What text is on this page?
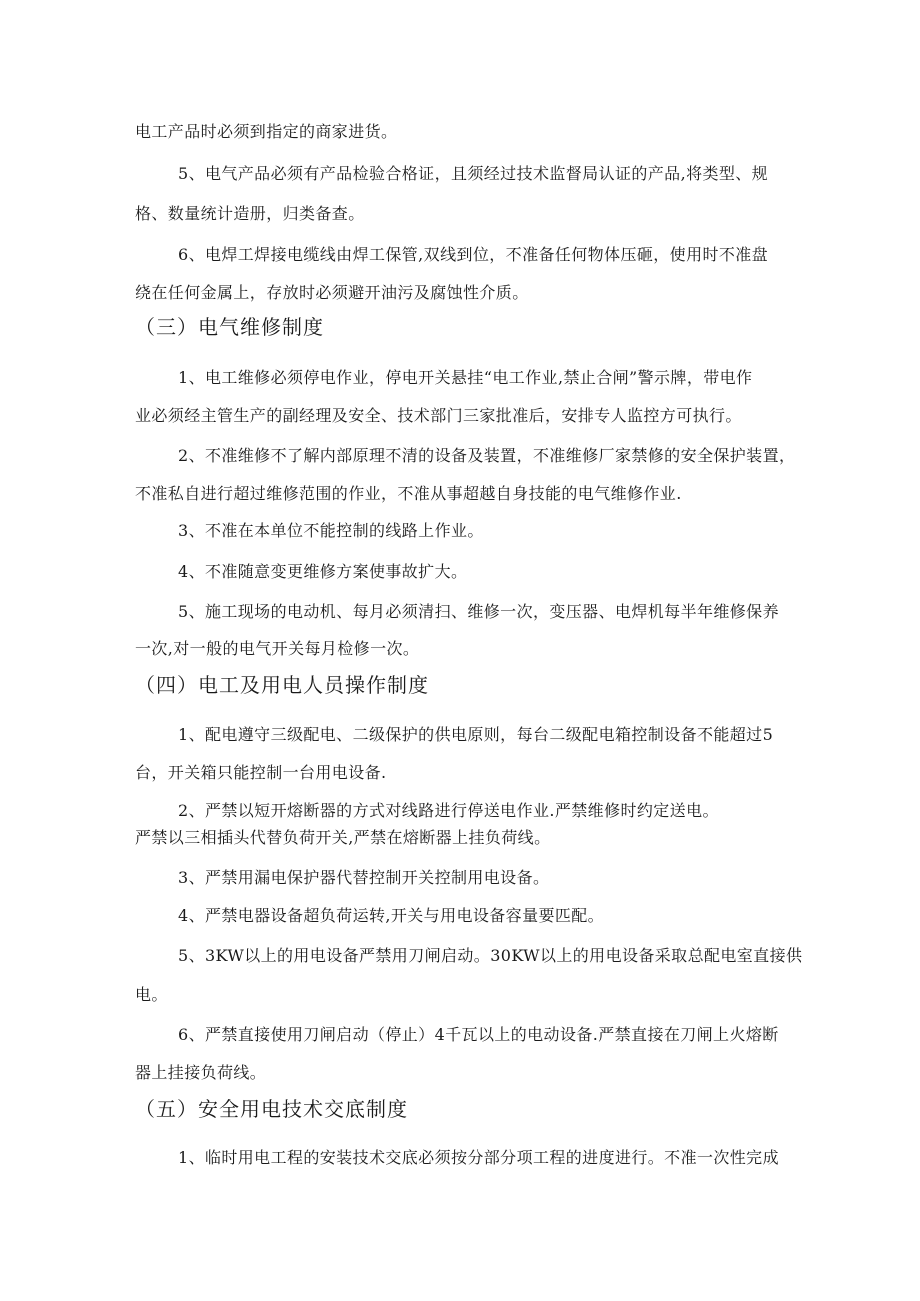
电工产品时必须到指定的商家进货。
5、电气产品必须有产品检验合格证，且须经过技术监督局认证的产品,将类型、规
格、数量统计造册，归类备查。
6、电焊工焊接电缆线由焊工保管,双线到位，不准备任何物体压砸，使用时不准盘
绕在任何金属上，存放时必须避开油污及腐蚀性介质。
（三）电气维修制度
1、电工维修必须停电作业，停电开关悬挂“电工作业,禁止合闸”警示牌，带电作
业必须经主管生产的副经理及安全、技术部门三家批准后，安排专人监控方可执行。
2、不准维修不了解内部原理不清的设备及装置，不准维修厂家禁修的安全保护装置，
不准私自进行超过维修范围的作业，不准从事超越自身技能的电气维修作业.
3、不准在本单位不能控制的线路上作业。
4、不准随意变更维修方案使事故扩大。
5、施工现场的电动机、每月必须清扫、维修一次，变压器、电焊机每半年维修保养
一次,对一般的电气开关每月检修一次。
（四）电工及用电人员操作制度
1、配电遵守三级配电、二级保护的供电原则，每台二级配电箱控制设备不能超过5
台，开关箱只能控制一台用电设备.
2、严禁以短开熔断器的方式对线路进行停送电作业.严禁维修时约定送电。
严禁以三相插头代替负荷开关,严禁在熔断器上挂负荷线。
3、严禁用漏电保护器代替控制开关控制用电设备。
4、严禁电器设备超负荷运转,开关与用电设备容量要匹配。
5、3KW以上的用电设备严禁用刀闸启动。30KW以上的用电设备采取总配电室直接供
电。
6、严禁直接使用刀闸启动（停止）4千瓦以上的电动设备.严禁直接在刀闸上火熔断
器上挂接负荷线。
（五）安全用电技术交底制度
1、临时用电工程的安装技术交底必须按分部分项工程的进度进行。不准一次性完成
